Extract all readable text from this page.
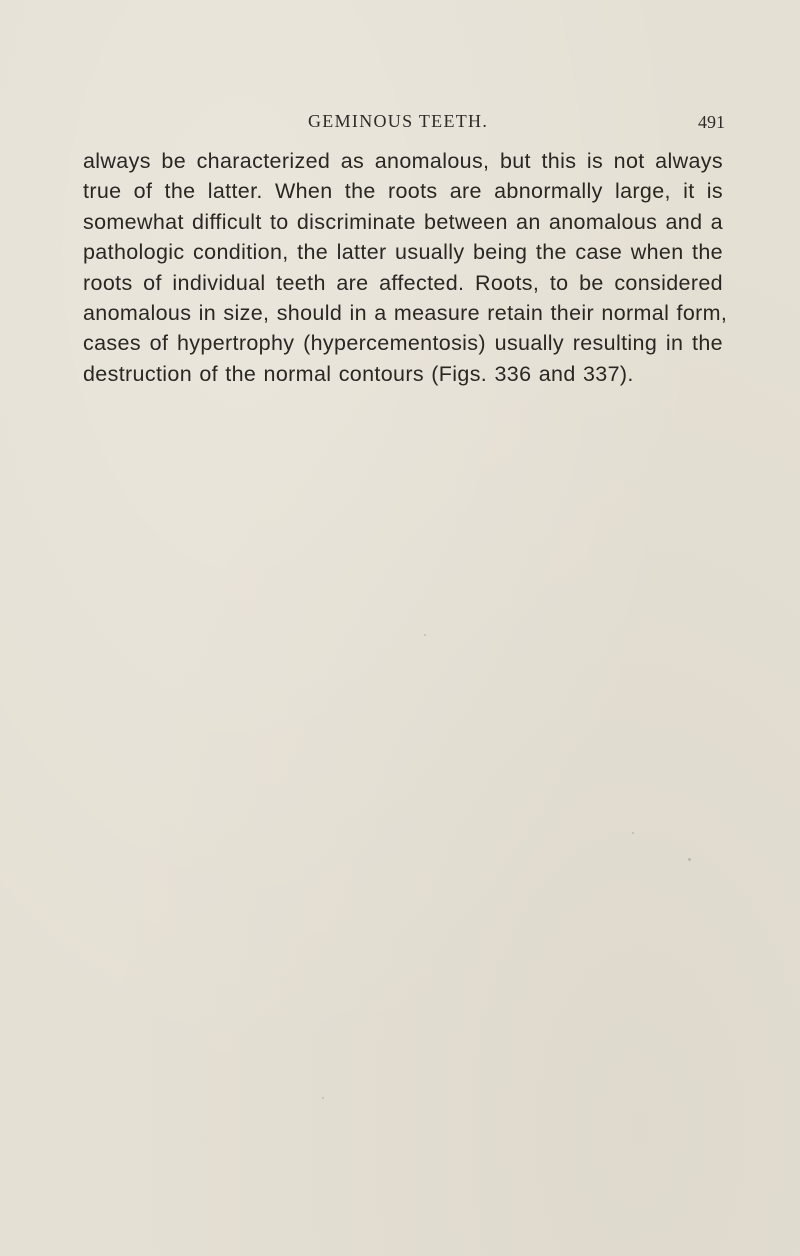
GEMINOUS TEETH.	491
always be characterized as anomalous, but this is not always
true of the latter. When the roots are abnormally large, it is
somewhat difficult to discriminate between an anomalous and a
pathologic condition, the latter usually being the case when the
roots of individual teeth are affected. Roots, to be considered
anomalous in size, should in a measure retain their normal form,
cases of hypertrophy (hypercementosis) usually resulting in the
destruction of the normal contours (Figs. 336 and 337).
